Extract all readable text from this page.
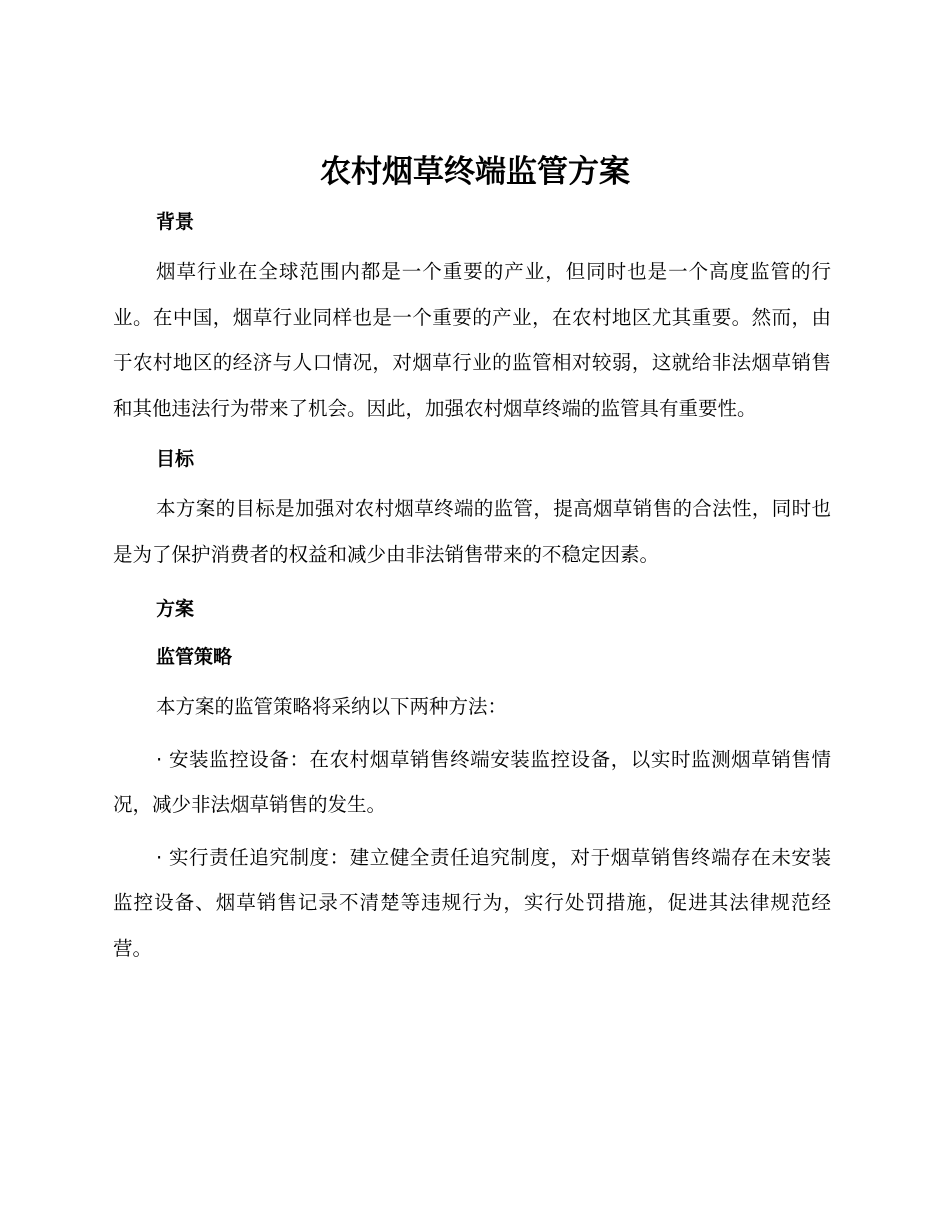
农村烟草终端监管方案
背景

烟草行业在全球范围内都是一个重要的产业，但同时也是一个高度监管的行业。在中国，烟草行业同样也是一个重要的产业，在农村地区尤其重要。然而，由于农村地区的经济与人口情况，对烟草行业的监管相对较弱，这就给非法烟草销售和其他违法行为带来了机会。因此，加强农村烟草终端的监管具有重要性。

目标

本方案的目标是加强对农村烟草终端的监管，提高烟草销售的合法性，同时也是为了保护消费者的权益和减少由非法销售带来的不稳定因素。

方案
监管策略

本方案的监管策略将采纳以下两种方法：

· 安装监控设备：在农村烟草销售终端安装监控设备，以实时监测烟草销售情况，减少非法烟草销售的发生。

· 实行责任追究制度：建立健全责任追究制度，对于烟草销售终端存在未安装监控设备、烟草销售记录不清楚等违规行为，实行处罚措施，促进其法律规范经营。
